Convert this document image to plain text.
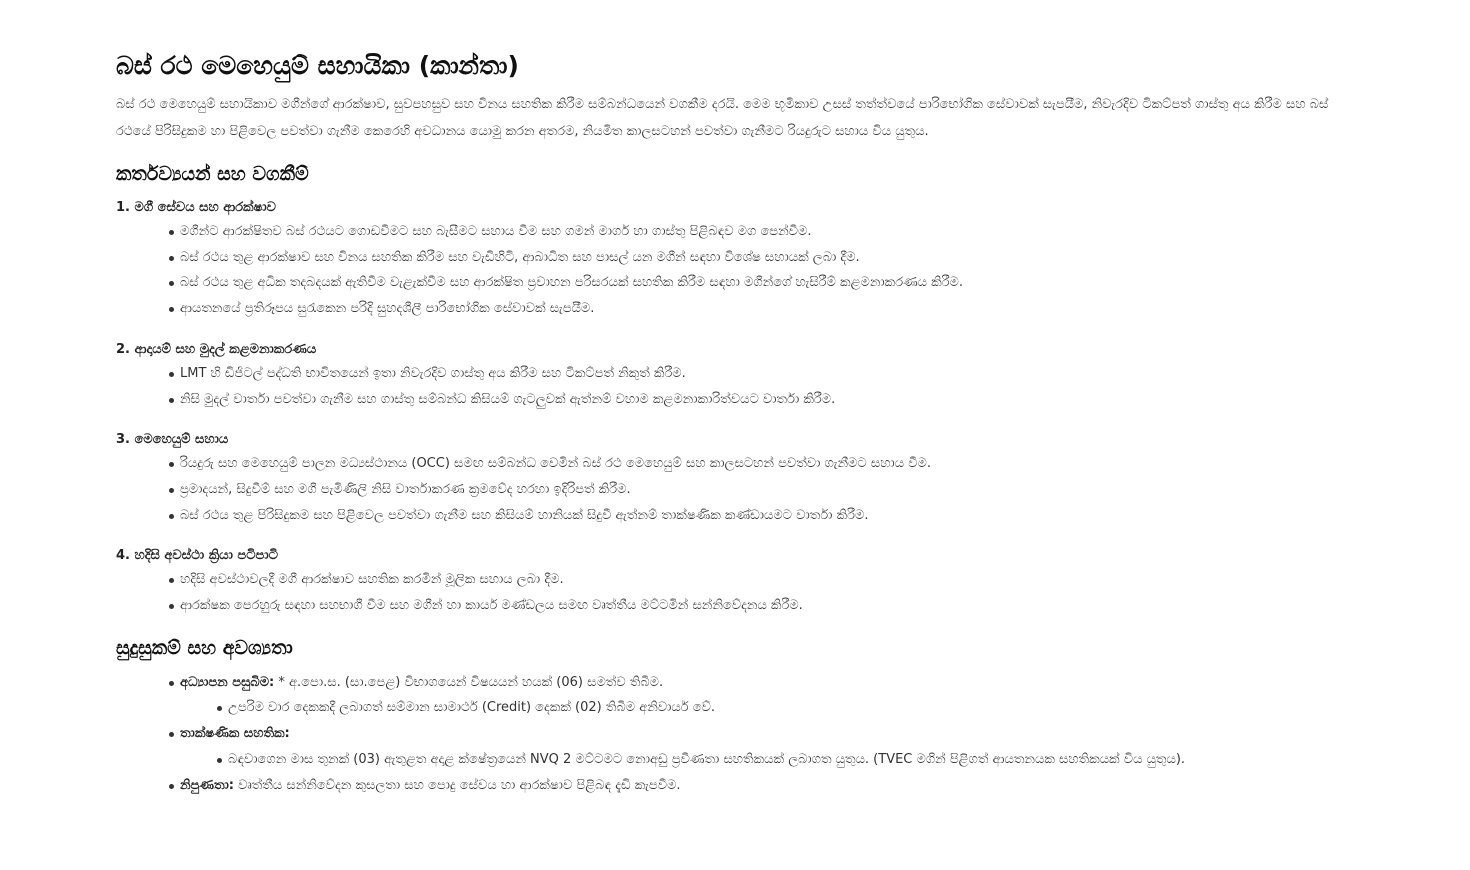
බස් රථ මෙහෙයුම් සහායිකා (කාන්තා)

බස් රථ මෙහෙයුම් සහායිකාව මගීන්ගේ ආරක්ෂාව, සුවපහසුව සහ විනය සහතික කිරීම සම්බන්ධයෙන් වගකීම දරයි. මෙම භූමිකාව උසස් තත්ත්වයේ පාරිභෝගික සේවාවක් සැපයීම, නිවැරදිව ටිකට්පත් ගාස්තු අය කිරීම සහ බස් රථයේ පිරිසිදුකම හා පිළිවෙල පවත්වා ගැනීම කෙරෙහි අවධානය යොමු කරන අතරම, නියමිත කාලසටහන් පවත්වා ගැනීමට රියදුරුට සහාය විය යුතුය.

කර්තව්‍යයන් සහ වගකීම්
1. මගී සේවය සහ ආරක්ෂාව
මගීන්ට ආරක්ෂිතව බස් රථයට ගොඩවීමට සහ බැසීමට සහාය වීම සහ ගමන් මාර්ග හා ගාස්තු පිළිබඳව මග පෙන්වීම.
බස් රථය තුළ ආරක්ෂාව සහ විනය සහතික කිරීම සහ වැඩිහිටි, ආබාධිත සහ පාසල් යන මගීන් සඳහා විශේෂ සහායක් ලබා දීම.
බස් රථය තුළ අධික තදබදයක් ඇතිවීම වැළැක්වීම සහ ආරක්ෂිත ප්‍රවාහන පරිසරයක් සහතික කිරීම සඳහා මගීන්ගේ හැසිරීම් කළමනාකරණය කිරීම.
ආයතනයේ ප්‍රතිරූපය සුරැකෙන පරිදි සුහදශීලී පාරිභෝගික සේවාවක් සැපයීම.
2. ආදායම් සහ මුදල් කළමනාකරණය
LMT හි ඩිජිටල් පද්ධති භාවිතයෙන් ඉතා නිවැරදිව ගාස්තු අය කිරීම සහ ටිකට්පත් නිකුත් කිරීම.
නිසි මුදල් වාර්තා පවත්වා ගැනීම සහ ගාස්තු සම්බන්ධ කිසියම් ගැටලුවක් ඇත්නම් වහාම කළමනාකාරිත්වයට වාර්තා කිරීම.
3. මෙහෙයුම් සහාය
රියදුරු සහ මෙහෙයුම් පාලන මධ්‍යස්ථානය (OCC) සමඟ සම්බන්ධ වෙමින් බස් රථ මෙහෙයුම් සහ කාලසටහන් පවත්වා ගැනීමට සහාය වීම.
ප්‍රමාදයන්, සිදුවීම් සහ මගී පැමිණිලි නිසි වාර්තාකරණ ක්‍රමවේද හරහා ඉදිරිපත් කිරීම.
බස් රථය තුළ පිරිසිදුකම සහ පිළිවෙල පවත්වා ගැනීම සහ කිසියම් හානියක් සිදුවී ඇත්නම් තාක්ෂණික කණ්ඩායමට වාර්තා කිරීම.
4. හදිසි අවස්ථා ක්‍රියා පටිපාටි
හදිසි අවස්ථාවලදී මගී ආරක්ෂාව සහතික කරමින් මූලික සහාය ලබා දීම.
ආරක්ෂක පෙරහුරු සඳහා සහභාගී වීම සහ මගීන් හා කාර්ය මණ්ඩලය සමඟ වෘත්තීය මට්ටමින් සන්නිවේදනය කිරීම.
සුදුසුකම් සහ අවශ්‍යතා
අධ්‍යාපන පසුබිම: * අ.පො.ස. (සා.පෙළ) විභාගයෙන් විෂයයන් හයක් (06) සමත්ව තිබීම.
උපරිම වාර දෙකකදී ලබාගත් සම්මාන සාමාර්ථ (Credit) දෙකක් (02) තිබීම අනිවාර්ය වේ.
තාක්ෂණික සහතික:
බඳවාගෙන මාස තුනක් (03) ඇතුළත අදාළ ක්ෂේත්‍රයෙන් NVQ 2 මට්ටමට නොඅඩු ප්‍රවීණතා සහතිකයක් ලබාගත යුතුය. (TVEC මගින් පිළිගත් ආයතනයක සහතිකයක් විය යුතුය).
නිපුණතා: වෘත්තීය සන්නිවේදන කුසලතා සහ පොදු සේවය හා ආරක්ෂාව පිළිබඳ දැඩි කැපවීම.
